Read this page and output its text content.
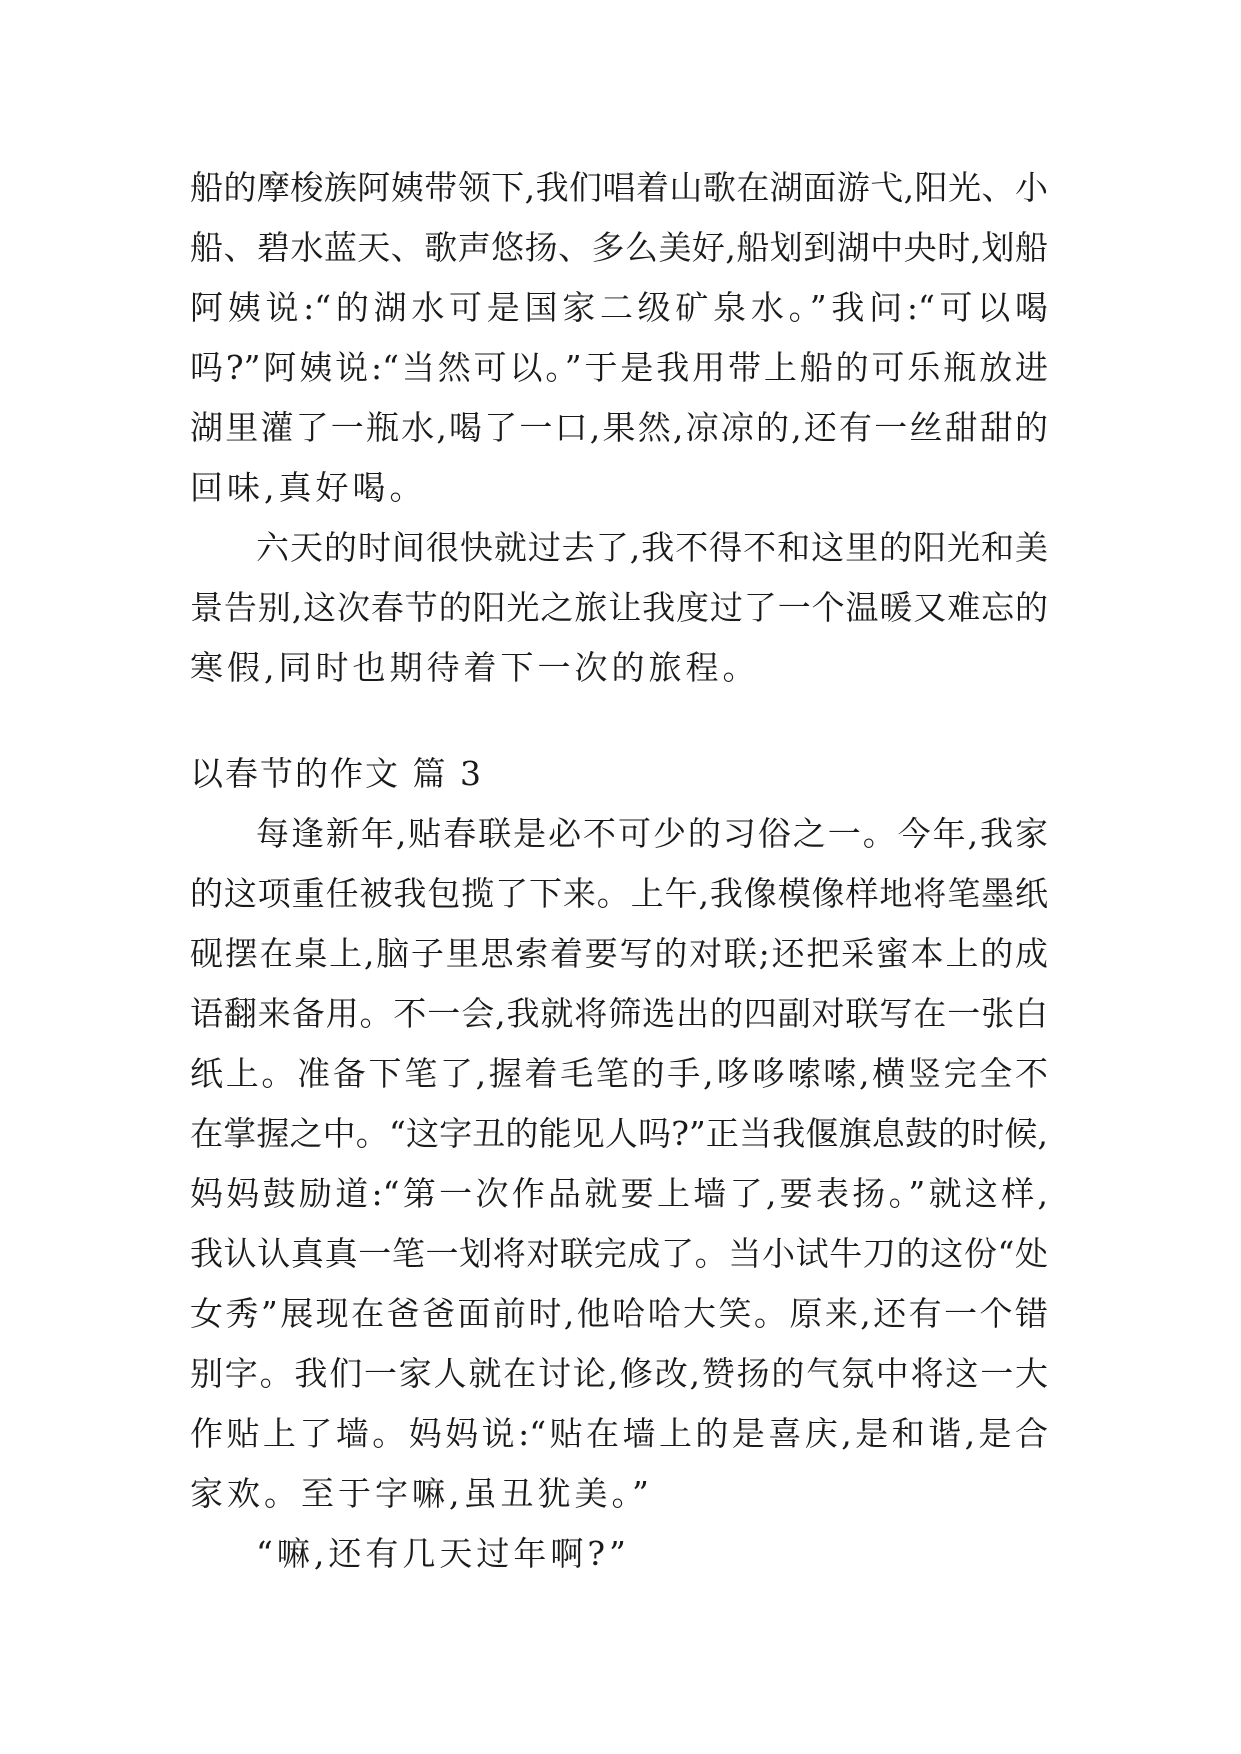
船的摩梭族阿姨带领下,我们唱着山歌在湖面游弋,阳光、小
船、碧水蓝天、歌声悠扬、多么美好,船划到湖中央时,划船
阿姨说:“的湖水可是国家二级矿泉水。”我问:“可以喝
吗?”阿姨说:“当然可以。”于是我用带上船的可乐瓶放进
湖里灌了一瓶水,喝了一口,果然,凉凉的,还有一丝甜甜的
回味,真好喝。
六天的时间很快就过去了,我不得不和这里的阳光和美
景告别,这次春节的阳光之旅让我度过了一个温暖又难忘的
寒假,同时也期待着下一次的旅程。
以春节的作文 篇 3
每逢新年,贴春联是必不可少的习俗之一。今年,我家
的这项重任被我包揽了下来。上午,我像模像样地将笔墨纸
砚摆在桌上,脑子里思索着要写的对联;还把采蜜本上的成
语翻来备用。不一会,我就将筛选出的四副对联写在一张白
纸上。准备下笔了,握着毛笔的手,哆哆嗦嗦,横竖完全不
在掌握之中。“这字丑的能见人吗?”正当我偃旗息鼓的时候,
妈妈鼓励道:“第一次作品就要上墙了,要表扬。”就这样,
我认认真真一笔一划将对联完成了。当小试牛刀的这份“处
女秀”展现在爸爸面前时,他哈哈大笑。原来,还有一个错
别字。我们一家人就在讨论,修改,赞扬的气氛中将这一大
作贴上了墙。妈妈说:“贴在墙上的是喜庆,是和谐,是合
家欢。至于字嘛,虽丑犹美。”
“嘛,还有几天过年啊?”
